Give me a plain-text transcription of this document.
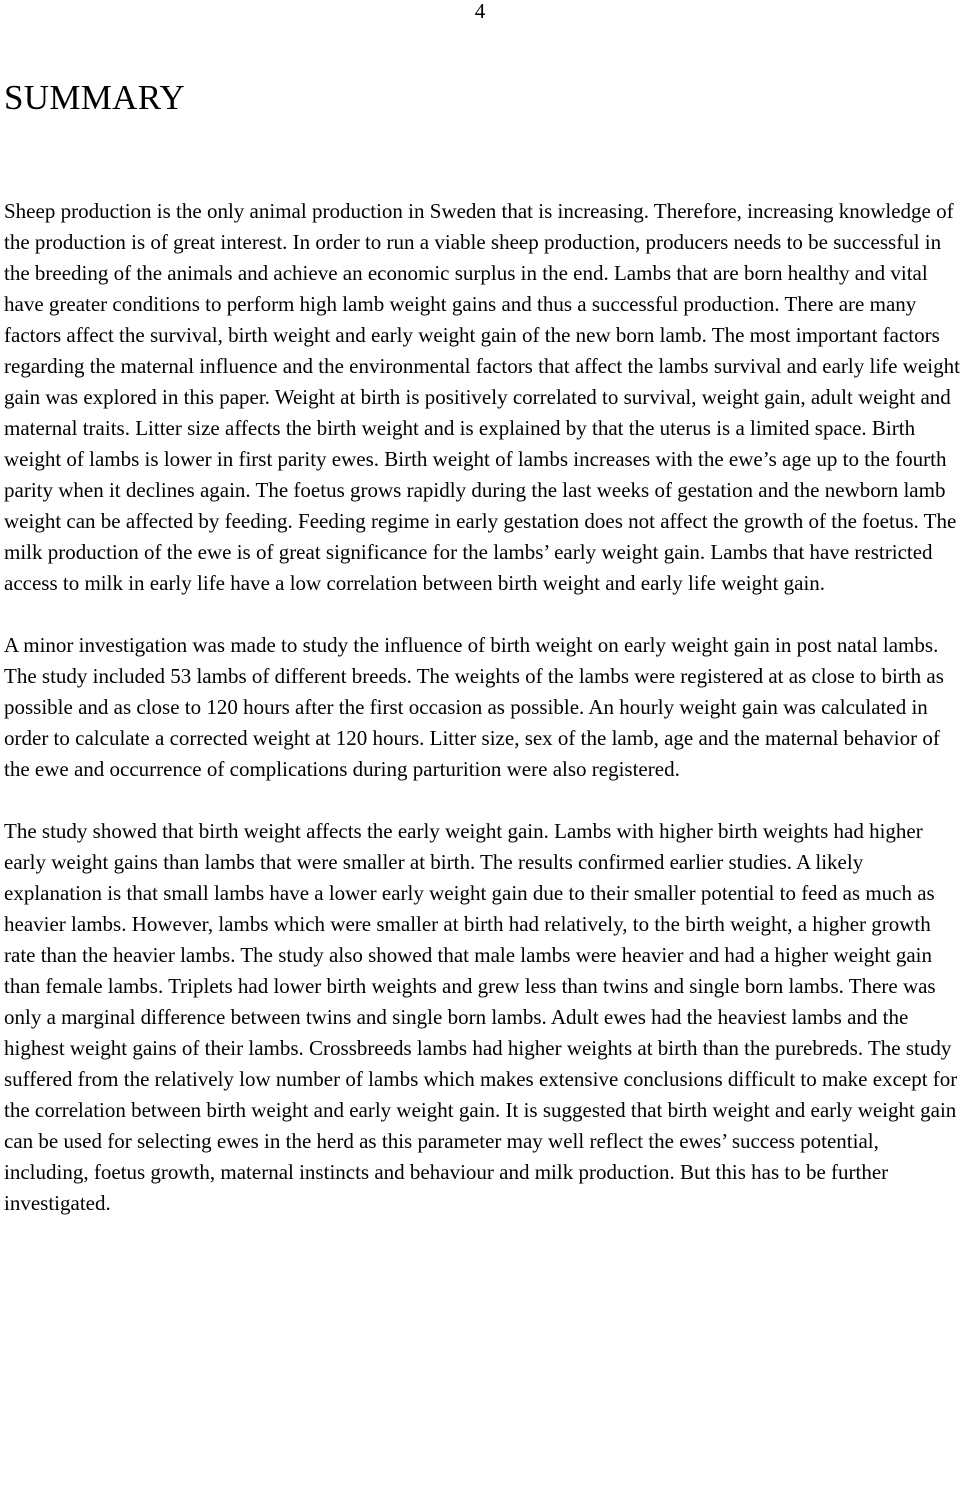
4
SUMMARY

Sheep production is the only animal production in Sweden that is increasing. Therefore, increasing knowledge of the production is of great interest. In order to run a viable sheep production, producers needs to be successful in the breeding of the animals and achieve an economic surplus in the end. Lambs that are born healthy and vital have greater conditions to perform high lamb weight gains and thus a successful production. There are many factors affect the survival, birth weight and early weight gain of the new born lamb. The most important factors regarding the maternal influence and the environmental factors that affect the lambs survival and early life weight gain was explored in this paper. Weight at birth is positively correlated to survival, weight gain, adult weight and maternal traits. Litter size affects the birth weight and is explained by that the uterus is a limited space. Birth weight of lambs is lower in first parity ewes. Birth weight of lambs increases with the ewe’s age up to the fourth parity when it declines again. The foetus grows rapidly during the last weeks of gestation and the newborn lamb weight can be affected by feeding. Feeding regime in early gestation does not affect the growth of the foetus. The milk production of the ewe is of great significance for the lambs’ early weight gain. Lambs that have restricted access to milk in early life have a low correlation between birth weight and early life weight gain.

A minor investigation was made to study the influence of birth weight on early weight gain in post natal lambs. The study included 53 lambs of different breeds. The weights of the lambs were registered at as close to birth as possible and as close to 120 hours after the first occasion as possible. An hourly weight gain was calculated in order to calculate a corrected weight at 120 hours. Litter size, sex of the lamb, age and the maternal behavior of the ewe and occurrence of complications during parturition were also registered.

The study showed that birth weight affects the early weight gain. Lambs with higher birth weights had higher early weight gains than lambs that were smaller at birth. The results confirmed earlier studies. A likely explanation is that small lambs have a lower early weight gain due to their smaller potential to feed as much as heavier lambs. However, lambs which were smaller at birth had relatively, to the birth weight, a higher growth rate than the heavier lambs. The study also showed that male lambs were heavier and had a higher weight gain than female lambs. Triplets had lower birth weights and grew less than twins and single born lambs. There was only a marginal difference between twins and single born lambs. Adult ewes had the heaviest lambs and the highest weight gains of their lambs. Crossbreeds lambs had higher weights at birth than the purebreds. The study suffered from the relatively low number of lambs which makes extensive conclusions difficult to make except for the correlation between birth weight and early weight gain. It is suggested that birth weight and early weight gain can be used for selecting ewes in the herd as this parameter may well reflect the ewes’ success potential, including, foetus growth, maternal instincts and behaviour and milk production. But this has to be further investigated.
